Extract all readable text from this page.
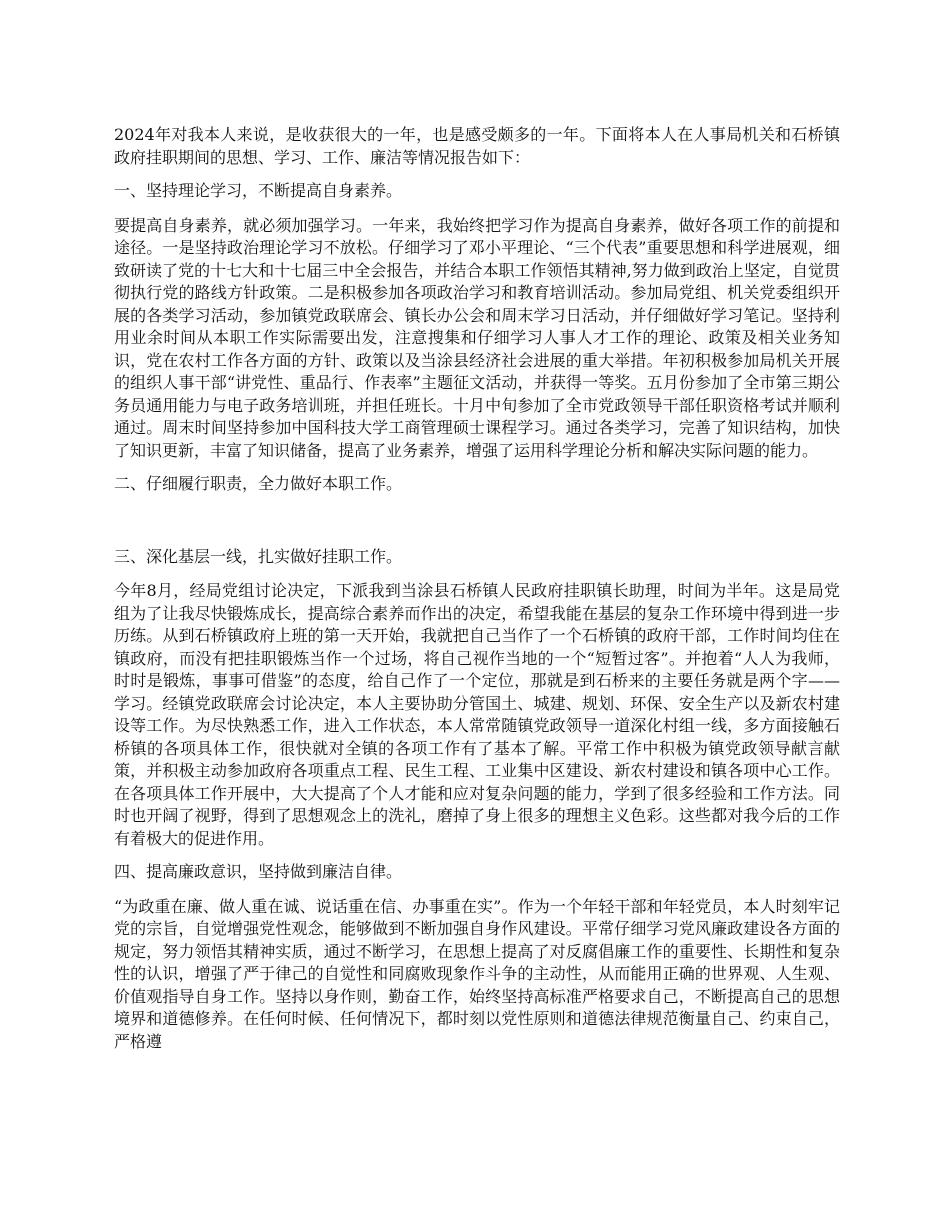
2024年对我本人来说，是收获很大的一年，也是感受颇多的一年。下面将本人在人事局机关和石桥镇政府挂职期间的思想、学习、工作、廉洁等情况报告如下：

一、坚持理论学习，不断提高自身素养。

要提高自身素养，就必须加强学习。一年来，我始终把学习作为提高自身素养，做好各项工作的前提和途径。一是坚持政治理论学习不放松。仔细学习了邓小平理论、“三个代表”重要思想和科学进展观，细致研读了党的十七大和十七届三中全会报告，并结合本职工作领悟其精神,努力做到政治上坚定，自觉贯彻执行党的路线方针政策。二是积极参加各项政治学习和教育培训活动。参加局党组、机关党委组织开展的各类学习活动，参加镇党政联席会、镇长办公会和周末学习日活动，并仔细做好学习笔记。坚持利用业余时间从本职工作实际需要出发，注意搜集和仔细学习人事人才工作的理论、政策及相关业务知识，党在农村工作各方面的方针、政策以及当涂县经济社会进展的重大举措。年初积极参加局机关开展的组织人事干部“讲党性、重品行、作表率”主题征文活动，并获得一等奖。五月份参加了全市第三期公务员通用能力与电子政务培训班，并担任班长。十月中旬参加了全市党政领导干部任职资格考试并顺利通过。周末时间坚持参加中国科技大学工商管理硕士课程学习。通过各类学习，完善了知识结构，加快了知识更新，丰富了知识储备，提高了业务素养，增强了运用科学理论分析和解决实际问题的能力。

二、仔细履行职责，全力做好本职工作。

三、深化基层一线，扎实做好挂职工作。

今年8月，经局党组讨论决定，下派我到当涂县石桥镇人民政府挂职镇长助理，时间为半年。这是局党组为了让我尽快锻炼成长，提高综合素养而作出的决定，希望我能在基层的复杂工作环境中得到进一步历练。从到石桥镇政府上班的第一天开始，我就把自己当作了一个石桥镇的政府干部，工作时间均住在镇政府，而没有把挂职锻炼当作一个过场，将自己视作当地的一个“短暂过客”。并抱着“人人为我师，时时是锻炼，事事可借鉴”的态度，给自己作了一个定位，那就是到石桥来的主要任务就是两个字——学习。经镇党政联席会讨论决定，本人主要协助分管国土、城建、规划、环保、安全生产以及新农村建设等工作。为尽快熟悉工作，进入工作状态，本人常常随镇党政领导一道深化村组一线，多方面接触石桥镇的各项具体工作，很快就对全镇的各项工作有了基本了解。平常工作中积极为镇党政领导献言献策，并积极主动参加政府各项重点工程、民生工程、工业集中区建设、新农村建设和镇各项中心工作。在各项具体工作开展中，大大提高了个人才能和应对复杂问题的能力，学到了很多经验和工作方法。同时也开阔了视野，得到了思想观念上的洗礼，磨掉了身上很多的理想主义色彩。这些都对我今后的工作有着极大的促进作用。

四、提高廉政意识，坚持做到廉洁自律。

“为政重在廉、做人重在诚、说话重在信、办事重在实”。作为一个年轻干部和年轻党员，本人时刻牢记党的宗旨，自觉增强党性观念，能够做到不断加强自身作风建设。平常仔细学习党风廉政建设各方面的规定，努力领悟其精神实质，通过不断学习，在思想上提高了对反腐倡廉工作的重要性、长期性和复杂性的认识，增强了严于律己的自觉性和同腐败现象作斗争的主动性，从而能用正确的世界观、人生观、价值观指导自身工作。坚持以身作则，勤奋工作，始终坚持高标准严格要求自己，不断提高自己的思想境界和道德修养。在任何时候、任何情况下，都时刻以党性原则和道德法律规范衡量自己、约束自己，严格遵
